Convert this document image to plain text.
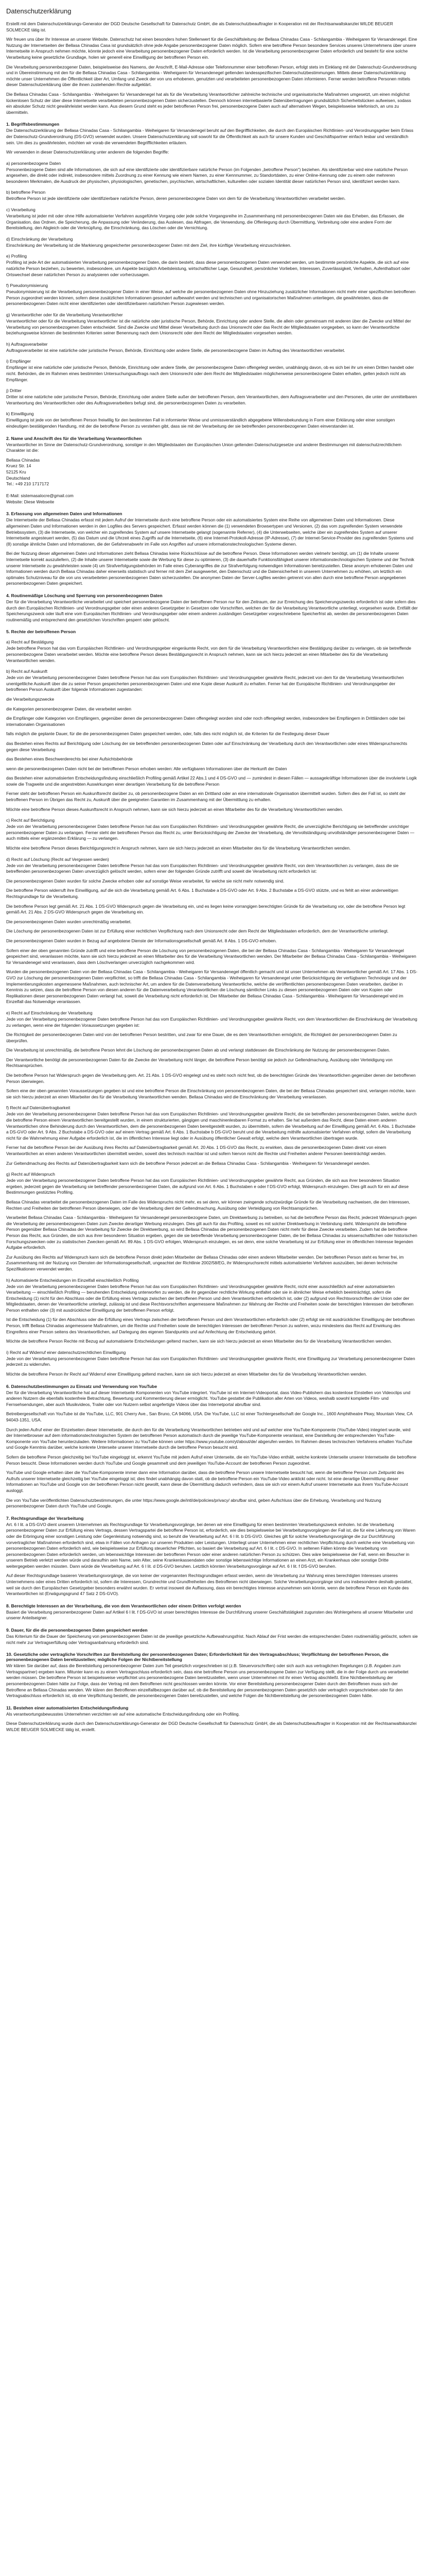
Datenschutzerklärung

Erstellt mit dem Datenschutzerklärungs-Generator der DGD Deutsche Gesellschaft für Datenschutz GmbH, die als Datenschutzbeauftragter in Kooperation mit der Rechtsanwaltskanzlei WILDE BEUGER SOLMECKE tätig ist.

Wir freuen uns über Ihr Interesse an unserer Website. Datenschutz hat einen besonders hohen Stellenwert für die Geschäftsleitung der Bellasa Chinadas Casa - Schilangambia - Weiheigaren für Versandenegel. Eine Nutzung der Internetseiten der Bellasa Chinadas Casa ist grundsätzlich ohne jede Angabe personenbezogener Daten möglich. Sofern eine betroffene Person besondere Services unseres Unternehmens über unsere Internetseite in Anspruch nehmen möchte, könnte jedoch eine Verarbeitung personenbezogener Daten erforderlich werden. Ist die Verarbeitung personenbezogener Daten erforderlich und besteht für eine solche Verarbeitung keine gesetzliche Grundlage, holen wir generell eine Einwilligung der betroffenen Person ein.

Die Verarbeitung personenbezogener Daten, beispielsweise des Namens, der Anschrift, E-Mail-Adresse oder Telefonnummer einer betroffenen Person, erfolgt stets im Einklang mit der Datenschutz-Grundverordnung und in Übereinstimmung mit den für die Bellasa Chinadas Casa - Schilangambia - Weiheigaren für Versandenegel geltenden landesspezifischen Datenschutzbestimmungen. Mittels dieser Datenschutzerklärung möchte unser Unternehmen die Öffentlichkeit über Art, Umfang und Zweck der von uns erhobenen, genutzten und verarbeiteten personenbezogenen Daten informieren. Ferner werden betroffene Personen mittels dieser Datenschutzerklärung über die ihnen zustehenden Rechte aufgeklärt.

Die Bellasa Chinadas Casa - Schilangambia - Weiheigaren für Versandenegel hat als für die Verarbeitung Verantwortlicher zahlreiche technische und organisatorische Maßnahmen umgesetzt, um einen möglichst lückenlosen Schutz der über diese Internetseite verarbeiteten personenbezogenen Daten sicherzustellen. Dennoch können internetbasierte Datenübertragungen grundsätzlich Sicherheitslücken aufweisen, sodass ein absoluter Schutz nicht gewährleistet werden kann. Aus diesem Grund steht es jeder betroffenen Person frei, personenbezogene Daten auch auf alternativen Wegen, beispielsweise telefonisch, an uns zu übermitteln.

1. Begriffsbestimmungen

Die Datenschutzerklärung der Bellasa Chinadas Casa - Schilangambia - Weiheigaren für Versandenegel beruht auf den Begrifflichkeiten, die durch den Europäischen Richtlinien- und Verordnungsgeber beim Erlass der Datenschutz-Grundverordnung (DS-GVO) verwendet wurden. Unsere Datenschutzerklärung soll sowohl für die Öffentlichkeit als auch für unsere Kunden und Geschäftspartner einfach lesbar und verständlich sein. Um dies zu gewährleisten, möchten wir vorab die verwendeten Begrifflichkeiten erläutern.

Wir verwenden in dieser Datenschutzerklärung unter anderem die folgenden Begriffe:

a) personenbezogene Daten

Personenbezogene Daten sind alle Informationen, die sich auf eine identifizierte oder identifizierbare natürliche Person (im Folgenden „betroffene Person“) beziehen. Als identifizierbar wird eine natürliche Person angesehen, die direkt oder indirekt, insbesondere mittels Zuordnung zu einer Kennung wie einem Namen, zu einer Kennnummer, zu Standortdaten, zu einer Online-Kennung oder zu einem oder mehreren besonderen Merkmalen, die Ausdruck der physischen, physiologischen, genetischen, psychischen, wirtschaftlichen, kulturellen oder sozialen Identität dieser natürlichen Person sind, identifiziert werden kann.

b) betroffene Person

Betroffene Person ist jede identifizierte oder identifizierbare natürliche Person, deren personenbezogene Daten von dem für die Verarbeitung Verantwortlichen verarbeitet werden.

c) Verarbeitung

Verarbeitung ist jeder mit oder ohne Hilfe automatisierter Verfahren ausgeführte Vorgang oder jede solche Vorgangsreihe im Zusammenhang mit personenbezogenen Daten wie das Erheben, das Erfassen, die Organisation, das Ordnen, die Speicherung, die Anpassung oder Veränderung, das Auslesen, das Abfragen, die Verwendung, die Offenlegung durch Übermittlung, Verbreitung oder eine andere Form der Bereitstellung, den Abgleich oder die Verknüpfung, die Einschränkung, das Löschen oder die Vernichtung.

d) Einschränkung der Verarbeitung

Einschränkung der Verarbeitung ist die Markierung gespeicherter personenbezogener Daten mit dem Ziel, ihre künftige Verarbeitung einzuschränken.

e) Profiling

Profiling ist jede Art der automatisierten Verarbeitung personenbezogener Daten, die darin besteht, dass diese personenbezogenen Daten verwendet werden, um bestimmte persönliche Aspekte, die sich auf eine natürliche Person beziehen, zu bewerten, insbesondere, um Aspekte bezüglich Arbeitsleistung, wirtschaftlicher Lage, Gesundheit, persönlicher Vorlieben, Interessen, Zuverlässigkeit, Verhalten, Aufenthaltsort oder Ortswechsel dieser natürlichen Person zu analysieren oder vorherzusagen.

f) Pseudonymisierung

Pseudonymisierung ist die Verarbeitung personenbezogener Daten in einer Weise, auf welche die personenbezogenen Daten ohne Hinzuziehung zusätzlicher Informationen nicht mehr einer spezifischen betroffenen Person zugeordnet werden können, sofern diese zusätzlichen Informationen gesondert aufbewahrt werden und technischen und organisatorischen Maßnahmen unterliegen, die gewährleisten, dass die personenbezogenen Daten nicht einer identifizierten oder identifizierbaren natürlichen Person zugewiesen werden.

g) Verantwortlicher oder für die Verarbeitung Verantwortlicher

Verantwortlicher oder für die Verarbeitung Verantwortlicher ist die natürliche oder juristische Person, Behörde, Einrichtung oder andere Stelle, die allein oder gemeinsam mit anderen über die Zwecke und Mittel der Verarbeitung von personenbezogenen Daten entscheidet. Sind die Zwecke und Mittel dieser Verarbeitung durch das Unionsrecht oder das Recht der Mitgliedstaaten vorgegeben, so kann der Verantwortliche beziehungsweise können die bestimmten Kriterien seiner Benennung nach dem Unionsrecht oder dem Recht der Mitgliedstaaten vorgesehen werden.

h) Auftragsverarbeiter

Auftragsverarbeiter ist eine natürliche oder juristische Person, Behörde, Einrichtung oder andere Stelle, die personenbezogene Daten im Auftrag des Verantwortlichen verarbeitet.

i) Empfänger

Empfänger ist eine natürliche oder juristische Person, Behörde, Einrichtung oder andere Stelle, der personenbezogene Daten offengelegt werden, unabhängig davon, ob es sich bei ihr um einen Dritten handelt oder nicht. Behörden, die im Rahmen eines bestimmten Untersuchungsauftrags nach dem Unionsrecht oder dem Recht der Mitgliedstaaten möglicherweise personenbezogene Daten erhalten, gelten jedoch nicht als Empfänger.

j) Dritter

Dritter ist eine natürliche oder juristische Person, Behörde, Einrichtung oder andere Stelle außer der betroffenen Person, dem Verantwortlichen, dem Auftragsverarbeiter und den Personen, die unter der unmittelbaren Verantwortung des Verantwortlichen oder des Auftragsverarbeiters befugt sind, die personenbezogenen Daten zu verarbeiten.

k) Einwilligung

Einwilligung ist jede von der betroffenen Person freiwillig für den bestimmten Fall in informierter Weise und unmissverständlich abgegebene Willensbekundung in Form einer Erklärung oder einer sonstigen eindeutigen bestätigenden Handlung, mit der die betroffene Person zu verstehen gibt, dass sie mit der Verarbeitung der sie betreffenden personenbezogenen Daten einverstanden ist.

2. Name und Anschrift des für die Verarbeitung Verantwortlichen

Verantwortlicher im Sinne der Datenschutz-Grundverordnung, sonstiger in den Mitgliedstaaten der Europäischen Union geltenden Datenschutzgesetze und anderer Bestimmungen mit datenschutzrechtlichem Charakter ist die:

Bellasa Chinadas

Kruez Str. 14

52125 Kru

Deutschland

Tel.: +49 210 1717172

E-Mail: sistemasalocre@gmail.com

Website: Diese Webseite

3. Erfassung von allgemeinen Daten und Informationen

Die Internetseite der Bellasa Chinadas erfasst mit jedem Aufruf der Internetseite durch eine betroffene Person oder ein automatisiertes System eine Reihe von allgemeinen Daten und Informationen. Diese allgemeinen Daten und Informationen werden in den Logfiles des Servers gespeichert. Erfasst werden können die (1) verwendeten Browsertypen und Versionen, (2) das vom zugreifenden System verwendete Betriebssystem, (3) die Internetseite, von welcher ein zugreifendes System auf unsere Internetseite gelangt (sogenannte Referrer), (4) die Unterwebseiten, welche über ein zugreifendes System auf unserer Internetseite angesteuert werden, (5) das Datum und die Uhrzeit eines Zugriffs auf die Internetseite, (6) eine Internet-Protokoll-Adresse (IP-Adresse), (7) der Internet-Service-Provider des zugreifenden Systems und (8) sonstige ähnliche Daten und Informationen, die der Gefahrenabwehr im Falle von Angriffen auf unsere informationstechnologischen Systeme dienen.

Bei der Nutzung dieser allgemeinen Daten und Informationen zieht Bellasa Chinadas keine Rückschlüsse auf die betroffene Person. Diese Informationen werden vielmehr benötigt, um (1) die Inhalte unserer Internetseite korrekt auszuliefern, (2) die Inhalte unserer Internetseite sowie die Werbung für diese zu optimieren, (3) die dauerhafte Funktionsfähigkeit unserer informationstechnologischen Systeme und der Technik unserer Internetseite zu gewährleisten sowie (4) um Strafverfolgungsbehörden im Falle eines Cyberangriffes die zur Strafverfolgung notwendigen Informationen bereitzustellen. Diese anonym erhobenen Daten und Informationen werden durch Bellasa Chinadas daher einerseits statistisch und ferner mit dem Ziel ausgewertet, den Datenschutz und die Datensicherheit in unserem Unternehmen zu erhöhen, um letztlich ein optimales Schutzniveau für die von uns verarbeiteten personenbezogenen Daten sicherzustellen. Die anonymen Daten der Server-Logfiles werden getrennt von allen durch eine betroffene Person angegebenen personenbezogenen Daten gespeichert.

4. Routinemäßige Löschung und Sperrung von personenbezogenen Daten

Der für die Verarbeitung Verantwortliche verarbeitet und speichert personenbezogene Daten der betroffenen Person nur für den Zeitraum, der zur Erreichung des Speicherungszwecks erforderlich ist oder sofern dies durch den Europäischen Richtlinien- und Verordnungsgeber oder einen anderen Gesetzgeber in Gesetzen oder Vorschriften, welchen der für die Verarbeitung Verantwortliche unterliegt, vorgesehen wurde. Entfällt der Speicherungszweck oder läuft eine vom Europäischen Richtlinien- und Verordnungsgeber oder einem anderen zuständigen Gesetzgeber vorgeschriebene Speicherfrist ab, werden die personenbezogenen Daten routinemäßig und entsprechend den gesetzlichen Vorschriften gesperrt oder gelöscht.

5. Rechte der betroffenen Person
a) Recht auf Bestätigung

Jede betroffene Person hat das vom Europäischen Richtlinien- und Verordnungsgeber eingeräumte Recht, von dem für die Verarbeitung Verantwortlichen eine Bestätigung darüber zu verlangen, ob sie betreffende personenbezogene Daten verarbeitet werden. Möchte eine betroffene Person dieses Bestätigungsrecht in Anspruch nehmen, kann sie sich hierzu jederzeit an einen Mitarbeiter des für die Verarbeitung Verantwortlichen wenden.

b) Recht auf Auskunft

Jede von der Verarbeitung personenbezogener Daten betroffene Person hat das vom Europäischen Richtlinien- und Verordnungsgeber gewährte Recht, jederzeit von dem für die Verarbeitung Verantwortlichen unentgeltliche Auskunft über die zu seiner Person gespeicherten personenbezogenen Daten und eine Kopie dieser Auskunft zu erhalten. Ferner hat der Europäische Richtlinien- und Verordnungsgeber der betroffenen Person Auskunft über folgende Informationen zugestanden:

die Verarbeitungszwecke

die Kategorien personenbezogener Daten, die verarbeitet werden

die Empfänger oder Kategorien von Empfängern, gegenüber denen die personenbezogenen Daten offengelegt worden sind oder noch offengelegt werden, insbesondere bei Empfängern in Drittländern oder bei internationalen Organisationen

falls möglich die geplante Dauer, für die die personenbezogenen Daten gespeichert werden, oder, falls dies nicht möglich ist, die Kriterien für die Festlegung dieser Dauer

das Bestehen eines Rechts auf Berichtigung oder Löschung der sie betreffenden personenbezogenen Daten oder auf Einschränkung der Verarbeitung durch den Verantwortlichen oder eines Widerspruchsrechts gegen diese Verarbeitung

das Bestehen eines Beschwerderechts bei einer Aufsichtsbehörde

wenn die personenbezogenen Daten nicht bei der betroffenen Person erhoben werden: Alle verfügbaren Informationen über die Herkunft der Daten

das Bestehen einer automatisierten Entscheidungsfindung einschließlich Profiling gemäß Artikel 22 Abs.1 und 4 DS-GVO und — zumindest in diesen Fällen — aussagekräftige Informationen über die involvierte Logik sowie die Tragweite und die angestrebten Auswirkungen einer derartigen Verarbeitung für die betroffene Person

Ferner steht der betroffenen Person ein Auskunftsrecht darüber zu, ob personenbezogene Daten an ein Drittland oder an eine internationale Organisation übermittelt wurden. Sofern dies der Fall ist, so steht der betroffenen Person im Übrigen das Recht zu, Auskunft über die geeigneten Garantien im Zusammenhang mit der Übermittlung zu erhalten.

Möchte eine betroffene Person dieses Auskunftsrecht in Anspruch nehmen, kann sie sich hierzu jederzeit an einen Mitarbeiter des für die Verarbeitung Verantwortlichen wenden.

c) Recht auf Berichtigung

Jede von der Verarbeitung personenbezogener Daten betroffene Person hat das vom Europäischen Richtlinien- und Verordnungsgeber gewährte Recht, die unverzügliche Berichtigung sie betreffender unrichtiger personenbezogener Daten zu verlangen. Ferner steht der betroffenen Person das Recht zu, unter Berücksichtigung der Zwecke der Verarbeitung, die Vervollständigung unvollständiger personenbezogener Daten — auch mittels einer ergänzenden Erklärung — zu verlangen.

Möchte eine betroffene Person dieses Berichtigungsrecht in Anspruch nehmen, kann sie sich hierzu jederzeit an einen Mitarbeiter des für die Verarbeitung Verantwortlichen wenden.

d) Recht auf Löschung (Recht auf Vergessen werden)

Jede von der Verarbeitung personenbezogener Daten betroffene Person hat das vom Europäischen Richtlinien- und Verordnungsgeber gewährte Recht, von dem Verantwortlichen zu verlangen, dass die sie betreffenden personenbezogenen Daten unverzüglich gelöscht werden, sofern einer der folgenden Gründe zutrifft und soweit die Verarbeitung nicht erforderlich ist:

Die personenbezogenen Daten wurden für solche Zwecke erhoben oder auf sonstige Weise verarbeitet, für welche sie nicht mehr notwendig sind.

Die betroffene Person widerruft ihre Einwilligung, auf die sich die Verarbeitung gemäß Art. 6 Abs. 1 Buchstabe a DS-GVO oder Art. 9 Abs. 2 Buchstabe a DS-GVO stützte, und es fehlt an einer anderweitigen Rechtsgrundlage für die Verarbeitung.

Die betroffene Person legt gemäß Art. 21 Abs. 1 DS-GVO Widerspruch gegen die Verarbeitung ein, und es liegen keine vorrangigen berechtigten Gründe für die Verarbeitung vor, oder die betroffene Person legt gemäß Art. 21 Abs. 2 DS-GVO Widerspruch gegen die Verarbeitung ein.

Die personenbezogenen Daten wurden unrechtmäßig verarbeitet.

Die Löschung der personenbezogenen Daten ist zur Erfüllung einer rechtlichen Verpflichtung nach dem Unionsrecht oder dem Recht der Mitgliedstaaten erforderlich, dem der Verantwortliche unterliegt.

Die personenbezogenen Daten wurden in Bezug auf angebotene Dienste der Informationsgesellschaft gemäß Art. 8 Abs. 1 DS-GVO erhoben.

Sofern einer der oben genannten Gründe zutrifft und eine betroffene Person die Löschung von personenbezogenen Daten, die bei der Bellasa Chinadas Casa - Schilangambia - Weiheigaren für Versandenegel gespeichert sind, veranlassen möchte, kann sie sich hierzu jederzeit an einen Mitarbeiter des für die Verarbeitung Verantwortlichen wenden. Der Mitarbeiter der Bellasa Chinadas Casa - Schilangambia - Weiheigaren für Versandenegel wird veranlassen, dass dem Löschverlangen unverzüglich nachgekommen wird.

Wurden die personenbezogenen Daten von der Bellasa Chinadas Casa - Schilangambia - Weiheigaren für Versandenegel öffentlich gemacht und ist unser Unternehmen als Verantwortlicher gemäß Art. 17 Abs. 1 DS-GVO zur Löschung der personenbezogenen Daten verpflichtet, so trifft die Bellasa Chinadas Casa - Schilangambia - Weiheigaren für Versandenegel unter Berücksichtigung der verfügbaren Technologie und der Implementierungskosten angemessene Maßnahmen, auch technischer Art, um andere für die Datenverarbeitung Verantwortliche, welche die veröffentlichten personenbezogenen Daten verarbeiten, darüber in Kenntnis zu setzen, dass die betroffene Person von diesen anderen für die Datenverarbeitung Verantwortlichen die Löschung sämtlicher Links zu diesen personenbezogenen Daten oder von Kopien oder Replikationen dieser personenbezogenen Daten verlangt hat, soweit die Verarbeitung nicht erforderlich ist. Der Mitarbeiter der Bellasa Chinadas Casa - Schilangambia - Weiheigaren für Versandenegel wird im Einzelfall das Notwendige veranlassen.

e) Recht auf Einschränkung der Verarbeitung

Jede von der Verarbeitung personenbezogener Daten betroffene Person hat das vom Europäischen Richtlinien- und Verordnungsgeber gewährte Recht, von dem Verantwortlichen die Einschränkung der Verarbeitung zu verlangen, wenn eine der folgenden Voraussetzungen gegeben ist:

Die Richtigkeit der personenbezogenen Daten wird von der betroffenen Person bestritten, und zwar für eine Dauer, die es dem Verantwortlichen ermöglicht, die Richtigkeit der personenbezogenen Daten zu überprüfen.

Die Verarbeitung ist unrechtmäßig, die betroffene Person lehnt die Löschung der personenbezogenen Daten ab und verlangt stattdessen die Einschränkung der Nutzung der personenbezogenen Daten.

Der Verantwortliche benötigt die personenbezogenen Daten für die Zwecke der Verarbeitung nicht länger, die betroffene Person benötigt sie jedoch zur Geltendmachung, Ausübung oder Verteidigung von Rechtsansprüchen.

Die betroffene Person hat Widerspruch gegen die Verarbeitung gem. Art. 21 Abs. 1 DS-GVO eingelegt und es steht noch nicht fest, ob die berechtigten Gründe des Verantwortlichen gegenüber denen der betroffenen Person überwiegen.

Sofern eine der oben genannten Voraussetzungen gegeben ist und eine betroffene Person die Einschränkung von personenbezogenen Daten, die bei der Bellasa Chinadas gespeichert sind, verlangen möchte, kann sie sich hierzu jederzeit an einen Mitarbeiter des für die Verarbeitung Verantwortlichen wenden. Bellasa Chinadas wird die Einschränkung der Verarbeitung veranlassen.

f) Recht auf Datenübertragbarkeit

Jede von der Verarbeitung personenbezogener Daten betroffene Person hat das vom Europäischen Richtlinien- und Verordnungsgeber gewährte Recht, die sie betreffenden personenbezogenen Daten, welche durch die betroffene Person einem Verantwortlichen bereitgestellt wurden, in einem strukturierten, gängigen und maschinenlesbaren Format zu erhalten. Sie hat außerdem das Recht, diese Daten einem anderen Verantwortlichen ohne Behinderung durch den Verantwortlichen, dem die personenbezogenen Daten bereitgestellt wurden, zu übermitteln, sofern die Verarbeitung auf der Einwilligung gemäß Art. 6 Abs. 1 Buchstabe a DS-GVO oder Art. 9 Abs. 2 Buchstabe a DS-GVO oder auf einem Vertrag gemäß Art. 6 Abs. 1 Buchstabe b DS-GVO beruht und die Verarbeitung mithilfe automatisierter Verfahren erfolgt, sofern die Verarbeitung nicht für die Wahrnehmung einer Aufgabe erforderlich ist, die im öffentlichen Interesse liegt oder in Ausübung öffentlicher Gewalt erfolgt, welche dem Verantwortlichen übertragen wurde.

Ferner hat die betroffene Person bei der Ausübung ihres Rechts auf Datenübertragbarkeit gemäß Art. 20 Abs. 1 DS-GVO das Recht, zu erwirken, dass die personenbezogenen Daten direkt von einem Verantwortlichen an einen anderen Verantwortlichen übermittelt werden, soweit dies technisch machbar ist und sofern hiervon nicht die Rechte und Freiheiten anderer Personen beeinträchtigt werden.

Zur Geltendmachung des Rechts auf Datenübertragbarkeit kann sich die betroffene Person jederzeit an die Bellasa Chinadas Casa - Schilangambia - Weiheigaren für Versandenegel wenden.

g) Recht auf Widerspruch

Jede von der Verarbeitung personenbezogener Daten betroffene Person hat das vom Europäischen Richtlinien- und Verordnungsgeber gewährte Recht, aus Gründen, die sich aus ihrer besonderen Situation ergeben, jederzeit gegen die Verarbeitung sie betreffender personenbezogener Daten, die aufgrund von Art. 6 Abs. 1 Buchstaben e oder f DS-GVO erfolgt, Widerspruch einzulegen. Dies gilt auch für ein auf diese Bestimmungen gestütztes Profiling.

Bellasa Chinadas verarbeitet die personenbezogenen Daten im Falle des Widerspruchs nicht mehr, es sei denn, wir können zwingende schutzwürdige Gründe für die Verarbeitung nachweisen, die den Interessen, Rechten und Freiheiten der betroffenen Person überwiegen, oder die Verarbeitung dient der Geltendmachung, Ausübung oder Verteidigung von Rechtsansprüchen.

Verarbeitet Bellasa Chinadas Casa - Schilangambia - Weiheigaren für Versandenegel personenbezogene Daten, um Direktwerbung zu betreiben, so hat die betroffene Person das Recht, jederzeit Widerspruch gegen die Verarbeitung der personenbezogenen Daten zum Zwecke derartiger Werbung einzulegen. Dies gilt auch für das Profiling, soweit es mit solcher Direktwerbung in Verbindung steht. Widerspricht die betroffene Person gegenüber Bellasa Chinadas der Verarbeitung für Zwecke der Direktwerbung, so wird Bellasa Chinadas die personenbezogenen Daten nicht mehr für diese Zwecke verarbeiten. Zudem hat die betroffene Person das Recht, aus Gründen, die sich aus ihrer besonderen Situation ergeben, gegen die sie betreffende Verarbeitung personenbezogener Daten, die bei Bellasa Chinadas zu wissenschaftlichen oder historischen Forschungszwecken oder zu statistischen Zwecken gemäß Art. 89 Abs. 1 DS-GVO erfolgen, Widerspruch einzulegen, es sei denn, eine solche Verarbeitung ist zur Erfüllung einer im öffentlichen Interesse liegenden Aufgabe erforderlich.

Zur Ausübung des Rechts auf Widerspruch kann sich die betroffene Person direkt jeden Mitarbeiter der Bellasa Chinadas oder einen anderen Mitarbeiter wenden. Der betroffenen Person steht es ferner frei, im Zusammenhang mit der Nutzung von Diensten der Informationsgesellschaft, ungeachtet der Richtlinie 2002/58/EG, ihr Widerspruchsrecht mittels automatisierter Verfahren auszuüben, bei denen technische Spezifikationen verwendet werden.

h) Automatisierte Entscheidungen im Einzelfall einschließlich Profiling

Jede von der Verarbeitung personenbezogener Daten betroffene Person hat das vom Europäischen Richtlinien- und Verordnungsgeber gewährte Recht, nicht einer ausschließlich auf einer automatisierten Verarbeitung — einschließlich Profiling — beruhenden Entscheidung unterworfen zu werden, die ihr gegenüber rechtliche Wirkung entfaltet oder sie in ähnlicher Weise erheblich beeinträchtigt, sofern die Entscheidung (1) nicht für den Abschluss oder die Erfüllung eines Vertrags zwischen der betroffenen Person und dem Verantwortlichen erforderlich ist, oder (2) aufgrund von Rechtsvorschriften der Union oder der Mitgliedstaaten, denen der Verantwortliche unterliegt, zulässig ist und diese Rechtsvorschriften angemessene Maßnahmen zur Wahrung der Rechte und Freiheiten sowie der berechtigten Interessen der betroffenen Person enthalten oder (3) mit ausdrücklicher Einwilligung der betroffenen Person erfolgt.

Ist die Entscheidung (1) für den Abschluss oder die Erfüllung eines Vertrags zwischen der betroffenen Person und dem Verantwortlichen erforderlich oder (2) erfolgt sie mit ausdrücklicher Einwilligung der betroffenen Person, trifft Bellasa Chinadas angemessene Maßnahmen, um die Rechte und Freiheiten sowie die berechtigten Interessen der betroffenen Person zu wahren, wozu mindestens das Recht auf Erwirkung des Eingreifens einer Person seitens des Verantwortlichen, auf Darlegung des eigenen Standpunkts und auf Anfechtung der Entscheidung gehört.

Möchte die betroffene Person Rechte mit Bezug auf automatisierte Entscheidungen geltend machen, kann sie sich hierzu jederzeit an einen Mitarbeiter des für die Verarbeitung Verantwortlichen wenden.

i) Recht auf Widerruf einer datenschutzrechtlichen Einwilligung

Jede von der Verarbeitung personenbezogener Daten betroffene Person hat das vom Europäischen Richtlinien- und Verordnungsgeber gewährte Recht, eine Einwilligung zur Verarbeitung personenbezogener Daten jederzeit zu widerrufen.

Möchte die betroffene Person ihr Recht auf Widerruf einer Einwilligung geltend machen, kann sie sich hierzu jederzeit an einen Mitarbeiter des für die Verarbeitung Verantwortlichen wenden.

6. Datenschutzbestimmungen zu Einsatz und Verwendung von YouTube

Der für die Verarbeitung Verantwortliche hat auf dieser Internetseite Komponenten von YouTube integriert. YouTube ist ein Internet-Videoportal, dass Video-Publishern das kostenlose Einstellen von Videoclips und anderen Nutzern die ebenfalls kostenfreie Betrachtung, Bewertung und Kommentierung dieser ermöglicht. YouTube gestattet die Publikation aller Arten von Videos, weshalb sowohl komplette Film- und Fernsehsendungen, aber auch Musikvideos, Trailer oder von Nutzern selbst angefertigte Videos über das Internetportal abrufbar sind.

Betreibergesellschaft von YouTube ist die YouTube, LLC, 901 Cherry Ave., San Bruno, CA 94066, USA. Die YouTube, LLC ist einer Tochtergesellschaft der Google Inc., 1600 Amphitheatre Pkwy, Mountain View, CA 94043-1351, USA.

Durch jeden Aufruf einer der Einzelseiten dieser Internetseite, die durch den für die Verarbeitung Verantwortlichen betrieben wird und auf welcher eine YouTube-Komponente (YouTube-Video) integriert wurde, wird der Internetbrowser auf dem informationstechnologischen System der betroffenen Person automatisch durch die jeweilige YouTube-Komponente veranlasst, eine Darstellung der entsprechenden YouTube-Komponente von YouTube herunterzuladen. Weitere Informationen zu YouTube können unter https://www.youtube.com/yt/about/de/ abgerufen werden. Im Rahmen dieses technischen Verfahrens erhalten YouTube und Google Kenntnis darüber, welche konkrete Unterseite unserer Internetseite durch die betroffene Person besucht wird.

Sofern die betroffene Person gleichzeitig bei YouTube eingeloggt ist, erkennt YouTube mit jedem Aufruf einer Unterseite, die ein YouTube-Video enthält, welche konkrete Unterseite unserer Internetseite die betroffene Person besucht. Diese Informationen werden durch YouTube und Google gesammelt und dem jeweiligen YouTube-Account der betroffenen Person zugeordnet.

YouTube und Google erhalten über die YouTube-Komponente immer dann eine Information darüber, dass die betroffene Person unsere Internetseite besucht hat, wenn die betroffene Person zum Zeitpunkt des Aufrufs unserer Internetseite gleichzeitig bei YouTube eingeloggt ist; dies findet unabhängig davon statt, ob die betroffene Person ein YouTube-Video anklickt oder nicht. Ist eine derartige Übermittlung dieser Informationen an YouTube und Google von der betroffenen Person nicht gewollt, kann diese die Übermittlung dadurch verhindern, dass sie sich vor einem Aufruf unserer Internetseite aus ihrem YouTube-Account ausloggt.

Die von YouTube veröffentlichten Datenschutzbestimmungen, die unter https://www.google.de/intl/de/policies/privacy/ abrufbar sind, geben Aufschluss über die Erhebung, Verarbeitung und Nutzung personenbezogener Daten durch YouTube und Google.

7. Rechtsgrundlage der Verarbeitung

Art. 6 I lit. a DS-GVO dient unserem Unternehmen als Rechtsgrundlage für Verarbeitungsvorgänge, bei denen wir eine Einwilligung für einen bestimmten Verarbeitungszweck einholen. Ist die Verarbeitung personenbezogener Daten zur Erfüllung eines Vertrags, dessen Vertragspartei die betroffene Person ist, erforderlich, wie dies beispielsweise bei Verarbeitungsvorgängen der Fall ist, die für eine Lieferung von Waren oder die Erbringung einer sonstigen Leistung oder Gegenleistung notwendig sind, so beruht die Verarbeitung auf Art. 6 I lit. b DS-GVO. Gleiches gilt für solche Verarbeitungsvorgänge die zur Durchführung vorvertraglicher Maßnahmen erforderlich sind, etwa in Fällen von Anfragen zur unseren Produkten oder Leistungen. Unterliegt unser Unternehmen einer rechtlichen Verpflichtung durch welche eine Verarbeitung von personenbezogenen Daten erforderlich wird, wie beispielsweise zur Erfüllung steuerlicher Pflichten, so basiert die Verarbeitung auf Art. 6 I lit. c DS-GVO. In seltenen Fällen könnte die Verarbeitung von personenbezogenen Daten erforderlich werden, um lebenswichtige Interessen der betroffenen Person oder einer anderen natürlichen Person zu schützen. Dies wäre beispielsweise der Fall, wenn ein Besucher in unserem Betrieb verletzt werden würde und daraufhin sein Name, sein Alter, seine Krankenkassendaten oder sonstige lebenswichtige Informationen an einen Arzt, ein Krankenhaus oder sonstige Dritte weitergegeben werden müssten. Dann würde die Verarbeitung auf Art. 6 I lit. d DS-GVO beruhen. Letztlich könnten Verarbeitungsvorgänge auf Art. 6 I lit. f DS-GVO beruhen.

Auf dieser Rechtsgrundlage basieren Verarbeitungsvorgänge, die von keiner der vorgenannten Rechtsgrundlagen erfasst werden, wenn die Verarbeitung zur Wahrung eines berechtigten Interesses unseres Unternehmens oder eines Dritten erforderlich ist, sofern die Interessen, Grundrechte und Grundfreiheiten des Betroffenen nicht überwiegen. Solche Verarbeitungsvorgänge sind uns insbesondere deshalb gestattet, weil sie durch den Europäischen Gesetzgeber besonders erwähnt wurden. Er vertrat insoweit die Auffassung, dass ein berechtigtes Interesse anzunehmen sein könnte, wenn die betroffene Person ein Kunde des Verantwortlichen ist (Erwägungsgrund 47 Satz 2 DS-GVO).

8. Berechtigte Interessen an der Verarbeitung, die von dem Verantwortlichen oder einem Dritten verfolgt werden

Basiert die Verarbeitung personenbezogener Daten auf Artikel 6 I lit. f DS-GVO ist unser berechtigtes Interesse die Durchführung unserer Geschäftstätigkeit zugunsten des Wohlergehens all unserer Mitarbeiter und unserer Anteilseigner.

9. Dauer, für die die personenbezogenen Daten gespeichert werden

Das Kriterium für die Dauer der Speicherung von personenbezogenen Daten ist die jeweilige gesetzliche Aufbewahrungsfrist. Nach Ablauf der Frist werden die entsprechenden Daten routinemäßig gelöscht, sofern sie nicht mehr zur Vertragserfüllung oder Vertragsanbahnung erforderlich sind.

10. Gesetzliche oder vertragliche Vorschriften zur Bereitstellung der personenbezogenen Daten; Erforderlichkeit für den Vertragsabschluss; Verpflichtung der betroffenen Person, die personenbezogenen Daten bereitzustellen; mögliche Folgen der Nichtbereitstellung

Wir klären Sie darüber auf, dass die Bereitstellung personenbezogener Daten zum Teil gesetzlich vorgeschrieben ist (z.B. Steuervorschriften) oder sich auch aus vertraglichen Regelungen (z.B. Angaben zum Vertragspartner) ergeben kann. Mitunter kann es zu einem Vertragsschluss erforderlich sein, dass eine betroffene Person uns personenbezogene Daten zur Verfügung stellt, die in der Folge durch uns verarbeitet werden müssen. Die betroffene Person ist beispielsweise verpflichtet uns personenbezogene Daten bereitzustellen, wenn unser Unternehmen mit ihr einen Vertrag abschließt. Eine Nichtbereitstellung der personenbezogenen Daten hätte zur Folge, dass der Vertrag mit dem Betroffenen nicht geschlossen werden könnte. Vor einer Bereitstellung personenbezogener Daten durch den Betroffenen muss sich der Betroffene an Bellasa Chinadas wenden. Wir klären den Betroffenen einzelfallbezogen darüber auf, ob die Bereitstellung der personenbezogenen Daten gesetzlich oder vertraglich vorgeschrieben oder für den Vertragsabschluss erforderlich ist, ob eine Verpflichtung besteht, die personenbezogenen Daten bereitzustellen, und welche Folgen die Nichtbereitstellung der personenbezogenen Daten hätte.

11. Bestehen einer automatisierten Entscheidungsfindung

Als verantwortungsbewusstes Unternehmen verzichten wir auf eine automatische Entscheidungsfindung oder ein Profiling.

Diese Datenschutzerklärung wurde durch den Datenschutzerklärungs-Generator der DGD Deutsche Gesellschaft für Datenschutz GmbH, die als Datenschutzbeauftragter in Kooperation mit der Rechtsanwaltskanzlei WILDE BEUGER SOLMECKE tätig ist, erstellt.
